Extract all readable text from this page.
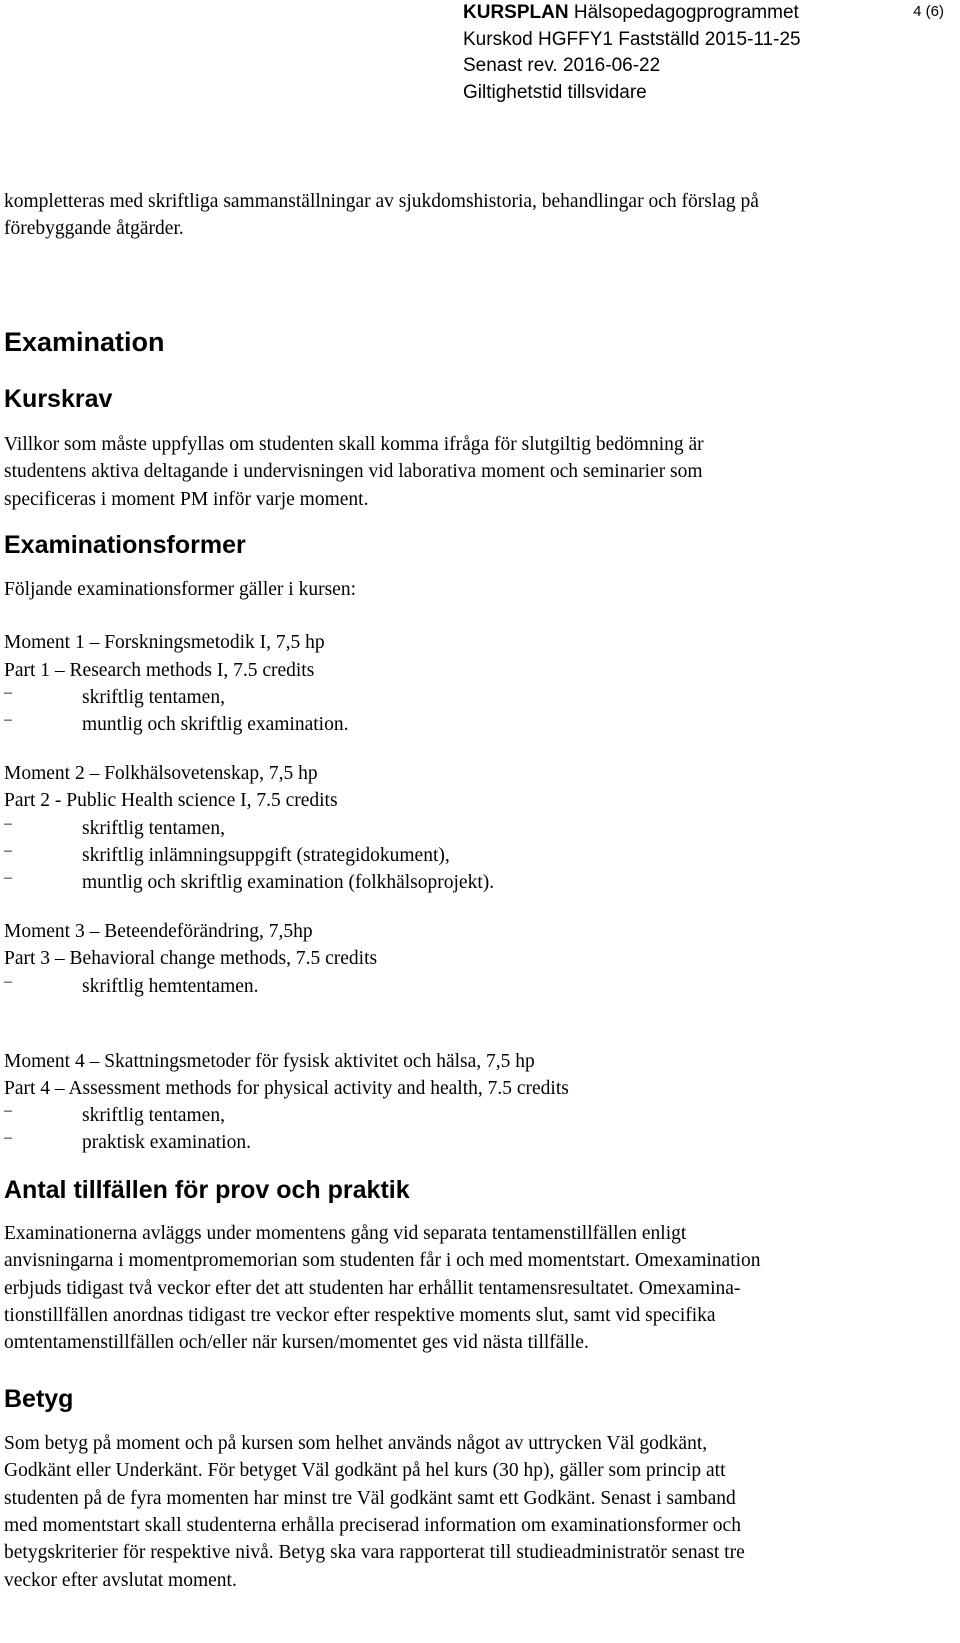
KURSPLAN Hälsopedagogprogrammet
Kurskod HGFFY1 Fastställd 2015-11-25
Senast rev. 2016-06-22
Giltighetstid tillsvidare
4 (6)

kompletteras med skriftliga sammanställningar av sjukdomshistoria, behandlingar och förslag på

förebyggande åtgärder.

Examination
Kurskrav

Villkor som måste uppfyllas om studenten skall komma ifråga för slutgiltig bedömning är

studentens aktiva deltagande i undervisningen vid laborativa moment och seminarier som

specificeras i moment PM inför varje moment.

Examinationsformer

Följande examinationsformer gäller i kursen:

Moment 1 – Forskningsmetodik I, 7,5 hp

Part 1 – Research methods I, 7.5 credits

–	skriftlig tentamen,

–	muntlig och skriftlig examination.

Moment 2 – Folkhälsovetenskap, 7,5 hp

Part 2 - Public Health science I, 7.5 credits

–	skriftlig tentamen,

–	skriftlig inlämningsuppgift (strategidokument),

–	muntlig och skriftlig examination (folkhälsoprojekt).

Moment 3 – Beteendeförändring, 7,5hp

Part 3 – Behavioral change methods, 7.5 credits

–	skriftlig hemtentamen.

Moment 4 – Skattningsmetoder för fysisk aktivitet och hälsa, 7,5 hp

Part 4 – Assessment methods for physical activity and health, 7.5 credits

–	skriftlig tentamen,

–	praktisk examination.

Antal tillfällen för prov och praktik

Examinationerna avläggs under momentens gång vid separata tentamenstillfällen enligt

anvisningarna i momentpromemorian som studenten får i och med momentstart. Omexamination

erbjuds tidigast två veckor efter det att studenten har erhållit tentamensresultatet. Omexamina-

tionstillfällen anordnas tidigast tre veckor efter respektive moments slut, samt vid specifika

omtentamenstillfällen och/eller när kursen/momentet ges vid nästa tillfälle.

Betyg

Som betyg på moment och på kursen som helhet används något av uttrycken Väl godkänt,

Godkänt eller Underkänt. För betyget Väl godkänt på hel kurs (30 hp), gäller som princip att

studenten på de fyra momenten har minst tre Väl godkänt samt ett Godkänt. Senast i samband

med momentstart skall studenterna erhålla preciserad information om examinationsformer och

betygskriterier för respektive nivå. Betyg ska vara rapporterat till studieadministratör senast tre

veckor efter avslutat moment.
